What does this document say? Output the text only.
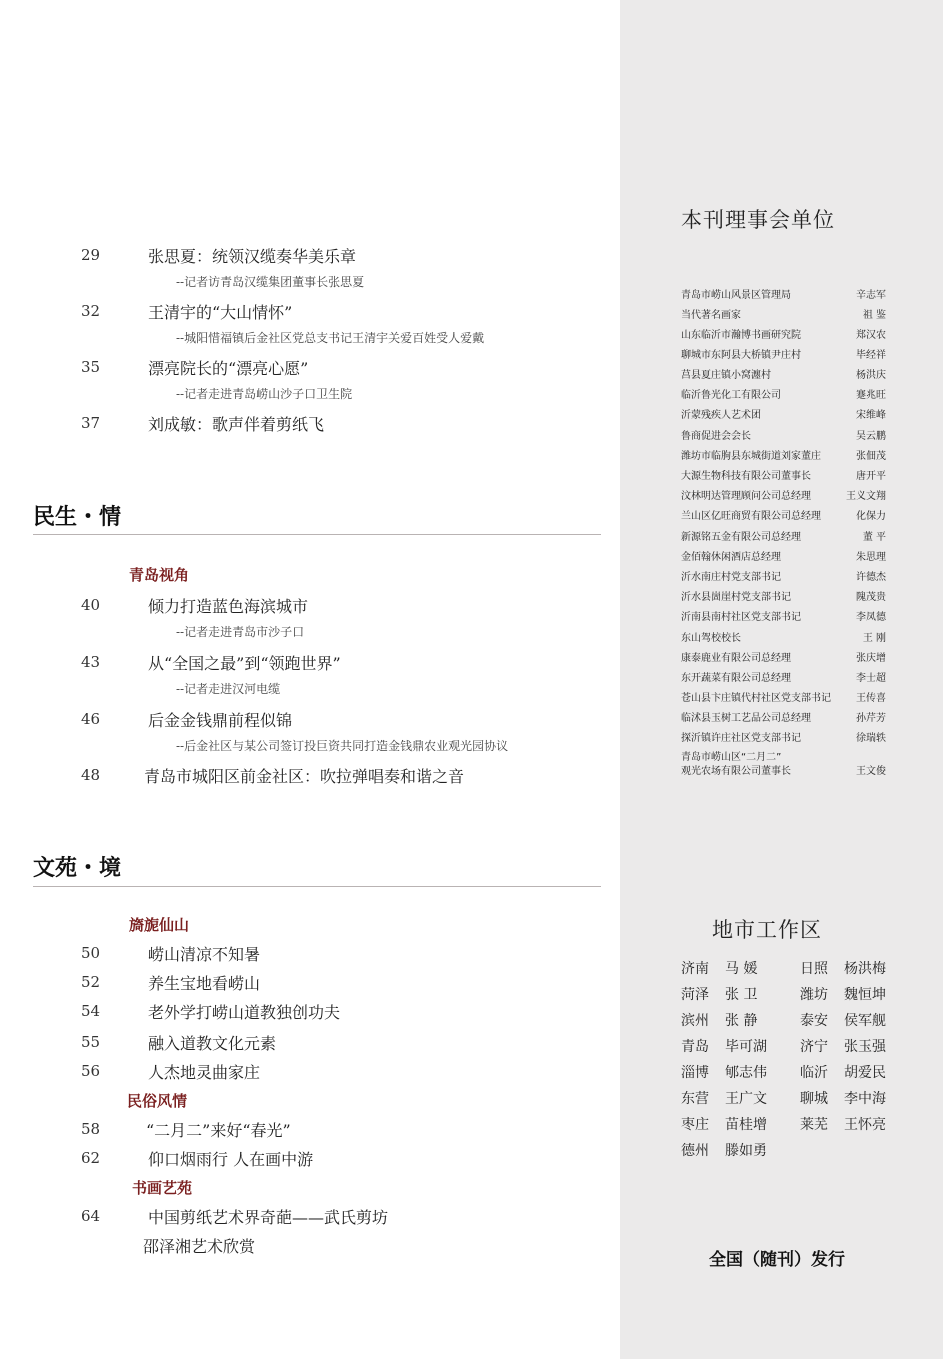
29	张思夏：统领汉缆奏华美乐章
--记者访青岛汉缆集团董事长张思夏
32	王清宇的“大山情怀”
--城阳惜福镇后金社区党总支书记王清宇关爱百姓受人爱戴
35	漂亮院长的“漂亮心愿”
--记者走进青岛崂山沙子口卫生院
37	刘成敏：歌声伴着剪纸飞
民生・情
青岛视角
40	倾力打造蓝色海滨城市
--记者走进青岛市沙子口
43	从“全国之最”到“领跑世界”
--记者走进汉河电缆
46	后金金钱鼎前程似锦
--后金社区与某公司签订投巨资共同打造金钱鼎农业观光园协议
48	青岛市城阳区前金社区：吹拉弹唱奏和谐之音
文苑・境
旖旎仙山
50	崂山清凉不知暑
52	养生宝地看崂山
54	老外学打崂山道教独创功夫
55	融入道教文化元素
56	人杰地灵曲家庄
民俗风情
58	“二月二”来好“春光”
62	仰口烟雨行 人在画中游
书画艺苑
64	中国剪纸艺术界奇葩——武氏剪坊
邵泽湘艺术欣赏
本刊理事会单位
青岛市崂山风景区管理局	辛志军
当代著名画家	祖 鉴
山东临沂市瀚博书画研究院	郑汉农
聊城市东阿县大桥镇尹庄村	毕经祥
莒县夏庄镇小窝瀍村	杨洪庆
临沂鲁光化工有限公司	蹇兆旺
沂蒙残疾人艺术团	宋维峰
鲁商促进会会长	吴云鹏
潍坊市临朐县东城街道刘家董庄	张佃茂
大源生物科技有限公司董事长	唐开平
汶林明达管理顾问公司总经理	王义文翔
兰山区亿旺商贸有限公司总经理	化保力
新源铭五金有限公司总经理	董 平
金佰翰休闲酒店总经理	朱思理
沂水南庄村党支部书记	许德杰
沂水县崮崖村党支部书记	隗茂贵
沂南县南村社区党支部书记	李凤德
东山驾校校长	王 刚
康泰鹿业有限公司总经理	张庆增
东开蔬菜有限公司总经理	李士超
苍山县卞庄镇代村社区党支部书记	王传喜
临沭县玉树工艺品公司总经理	孙芹芳
探沂镇许庄社区党支部书记	徐瑞轶
青岛市崂山区“二月二”
观光农场有限公司董事长	王文俊
地市工作区
济南 马 媛	日照 杨洪梅
菏泽 张 卫	潍坊 魏恒坤
滨州 张 静	泰安 侯军舰
青岛 毕可湖 济宁 张玉强
淄博 郇志伟 临沂 胡爱民
东营 王广文 聊城 李中海
枣庄 苗桂增 莱芜 王怀亮
德州 滕如勇
全国（随刊）发行
